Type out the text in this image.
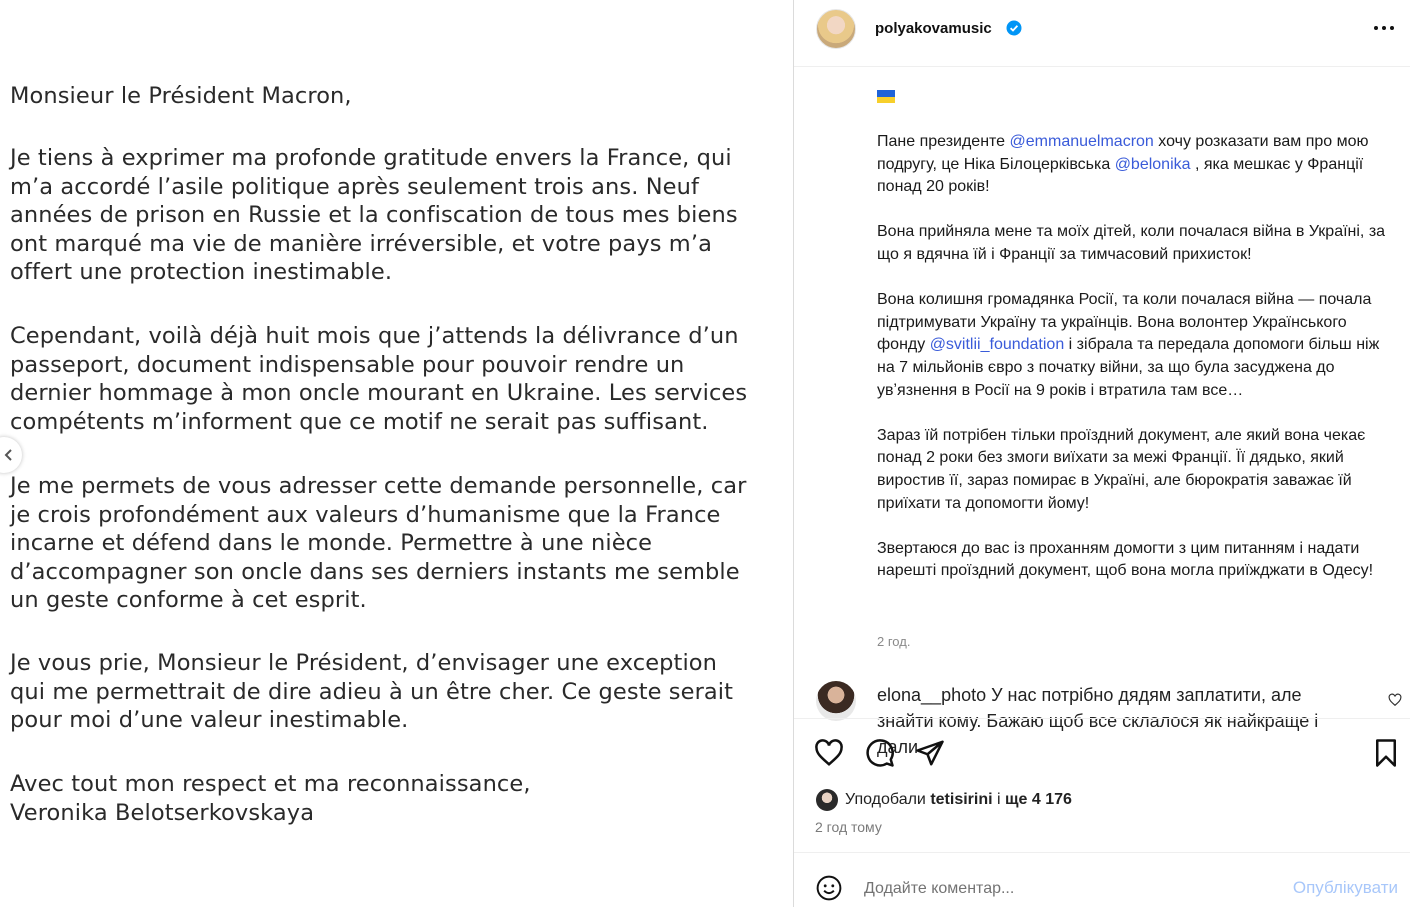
Monsieur le Président Macron,

Je tiens à exprimer ma profonde gratitude envers la France, qui
m’a accordé l’asile politique après seulement trois ans. Neuf
années de prison en Russie et la confiscation de tous mes biens
ont marqué ma vie de manière irréversible, et votre pays m’a
offert une protection inestimable.

Cependant, voilà déjà huit mois que j’attends la délivrance d’un
passeport, document indispensable pour pouvoir rendre un
dernier hommage à mon oncle mourant en Ukraine. Les services
compétents m’informent que ce motif ne serait pas suffisant.

Je me permets de vous adresser cette demande personnelle, car
je crois profondément aux valeurs d’humanisme que la France
incarne et défend dans le monde. Permettre à une nièce
d’accompagner son oncle dans ses derniers instants me semble
un geste conforme à cet esprit.

Je vous prie, Monsieur le Président, d’envisager une exception
qui me permettrait de dire adieu à un être cher. Ce geste serait
pour moi d’une valeur inestimable.

Avec tout mon respect et ma reconnaissance,
Veronika Belotserkovskaya

polyakovamusic
Пане президенте @emmanuelmacron хочу розказати вам про мою подругу, це Ніка Білоцерківська @belonika , яка мешкає у Франції понад 20 років!
Вона прийняла мене та моїх дітей, коли почалася війна в Україні, за що я вдячна їй і Франції за тимчасовий прихисток!
Вона колишня громадянка Росії, та коли почалася війна — почала підтримувати Україну та українців. Вона волонтер Українського фонду @svitlii_foundation і зібрала та передала допомоги більш ніж на 7 мільйонів євро з початку війни, за що була засуджена до увʼязнення в Росії на 9 років і втратила там все…
Зараз їй потрібен тільки проїздний документ, але який вона чекає понад 2 роки без змоги виїхати за межі Франції. Її дядько, який виростив її, зараз помирає в Україні, але бюрократія заважає їй приїхати та допомогти йому!
Звертаюся до вас із проханням домогти з цим питанням і надати нарешті проїздний документ, щоб вона могла приїжджати в Одесу!
2 год.
elona__photo У нас потрібно дядям заплатити, але знайти кому. Бажаю щоб все склалося як найкраще і дали
Уподобали tetisirini і ще 4 176
2 год тому
Додайте коментар...
Опублікувати
